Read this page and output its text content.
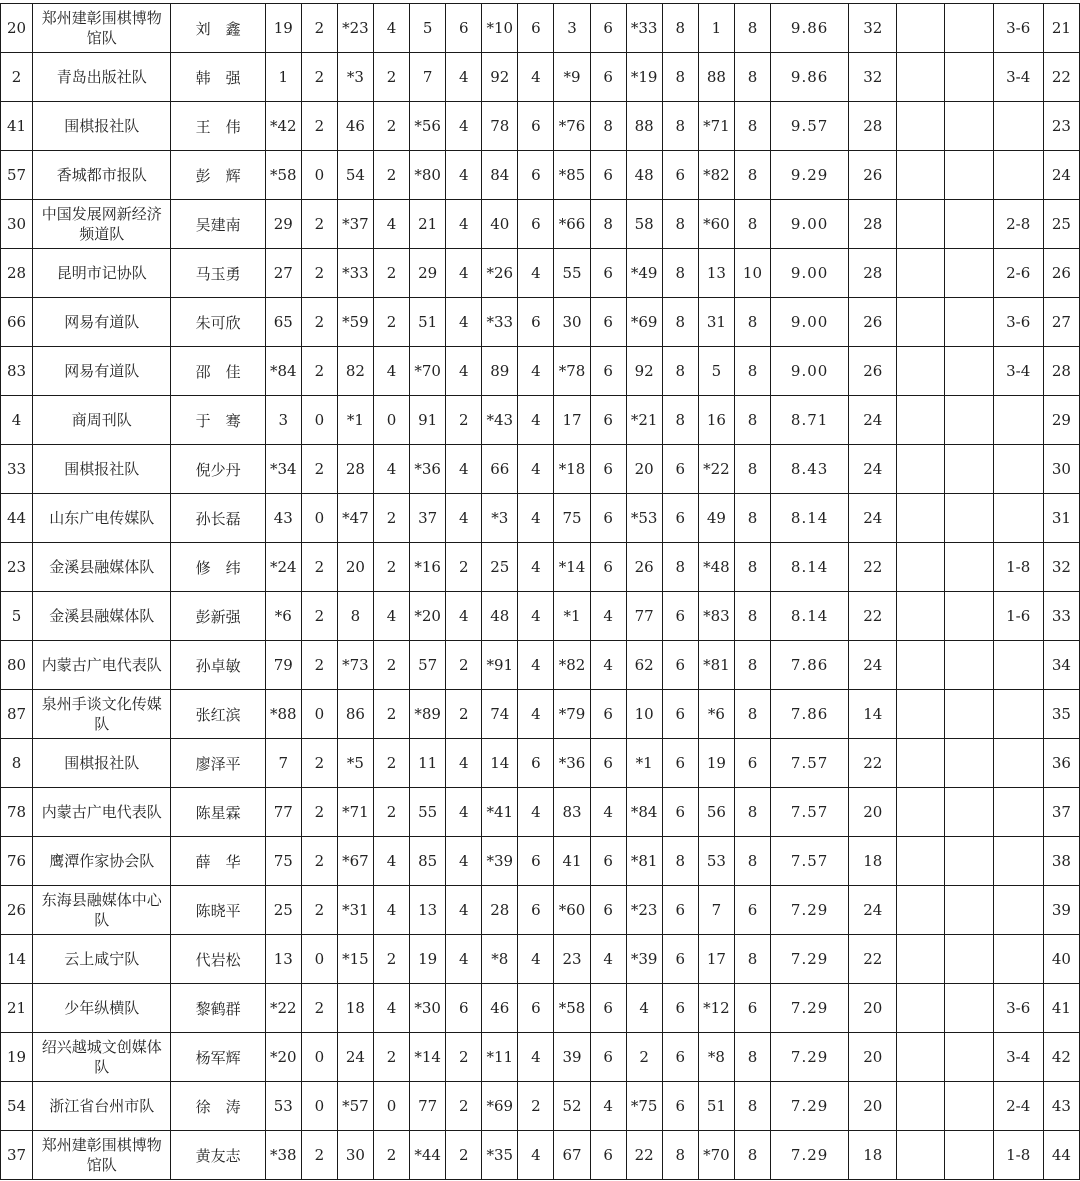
20	郑州建彰围棋博物馆队	刘　鑫	19	2	*23	4	5	6	*10	6	3	6	*33	8	1	8	9.86	32			3-6	21
2	青岛出版社队	韩　强	1	2	*3	2	7	4	92	4	*9	6	*19	8	88	8	9.86	32			3-4	22
41	围棋报社队	王　伟	*42	2	46	2	*56	4	78	6	*76	8	88	8	*71	8	9.57	28				23
57	香城都市报队	彭　辉	*58	0	54	2	*80	4	84	6	*85	6	48	6	*82	8	9.29	26				24
30	中国发展网新经济频道队	吴建南	29	2	*37	4	21	4	40	6	*66	8	58	8	*60	8	9.00	28			2-8	25
28	昆明市记协队	马玉勇	27	2	*33	2	29	4	*26	4	55	6	*49	8	13	10	9.00	28			2-6	26
66	网易有道队	朱可欣	65	2	*59	2	51	4	*33	6	30	6	*69	8	31	8	9.00	26			3-6	27
83	网易有道队	邵　佳	*84	2	82	4	*70	4	89	4	*78	6	92	8	5	8	9.00	26			3-4	28
4	商周刊队	于　骞	3	0	*1	0	91	2	*43	4	17	6	*21	8	16	8	8.71	24				29
33	围棋报社队	倪少丹	*34	2	28	4	*36	4	66	4	*18	6	20	6	*22	8	8.43	24				30
44	山东广电传媒队	孙长磊	43	0	*47	2	37	4	*3	4	75	6	*53	6	49	8	8.14	24				31
23	金溪县融媒体队	修　纬	*24	2	20	2	*16	2	25	4	*14	6	26	8	*48	8	8.14	22			1-8	32
5	金溪县融媒体队	彭新强	*6	2	8	4	*20	4	48	4	*1	4	77	6	*83	8	8.14	22			1-6	33
80	内蒙古广电代表队	孙卓敏	79	2	*73	2	57	2	*91	4	*82	4	62	6	*81	8	7.86	24				34
87	泉州手谈文化传媒队	张红滨	*88	0	86	2	*89	2	74	4	*79	6	10	6	*6	8	7.86	14				35
8	围棋报社队	廖泽平	7	2	*5	2	11	4	14	6	*36	6	*1	6	19	6	7.57	22				36
78	内蒙古广电代表队	陈星霖	77	2	*71	2	55	4	*41	4	83	4	*84	6	56	8	7.57	20				37
76	鹰潭作家协会队	薛　华	75	2	*67	4	85	4	*39	6	41	6	*81	8	53	8	7.57	18				38
26	东海县融媒体中心队	陈晓平	25	2	*31	4	13	4	28	6	*60	6	*23	6	7	6	7.29	24				39
14	云上咸宁队	代岩松	13	0	*15	2	19	4	*8	4	23	4	*39	6	17	8	7.29	22				40
21	少年纵横队	黎鹤群	*22	2	18	4	*30	6	46	6	*58	6	4	6	*12	6	7.29	20			3-6	41
19	绍兴越城文创媒体队	杨军辉	*20	0	24	2	*14	2	*11	4	39	6	2	6	*8	8	7.29	20			3-4	42
54	浙江省台州市队	徐　涛	53	0	*57	0	77	2	*69	2	52	4	*75	6	51	8	7.29	20			2-4	43
37	郑州建彰围棋博物馆队	黄友志	*38	2	30	2	*44	2	*35	4	67	6	22	8	*70	8	7.29	18			1-8	44
